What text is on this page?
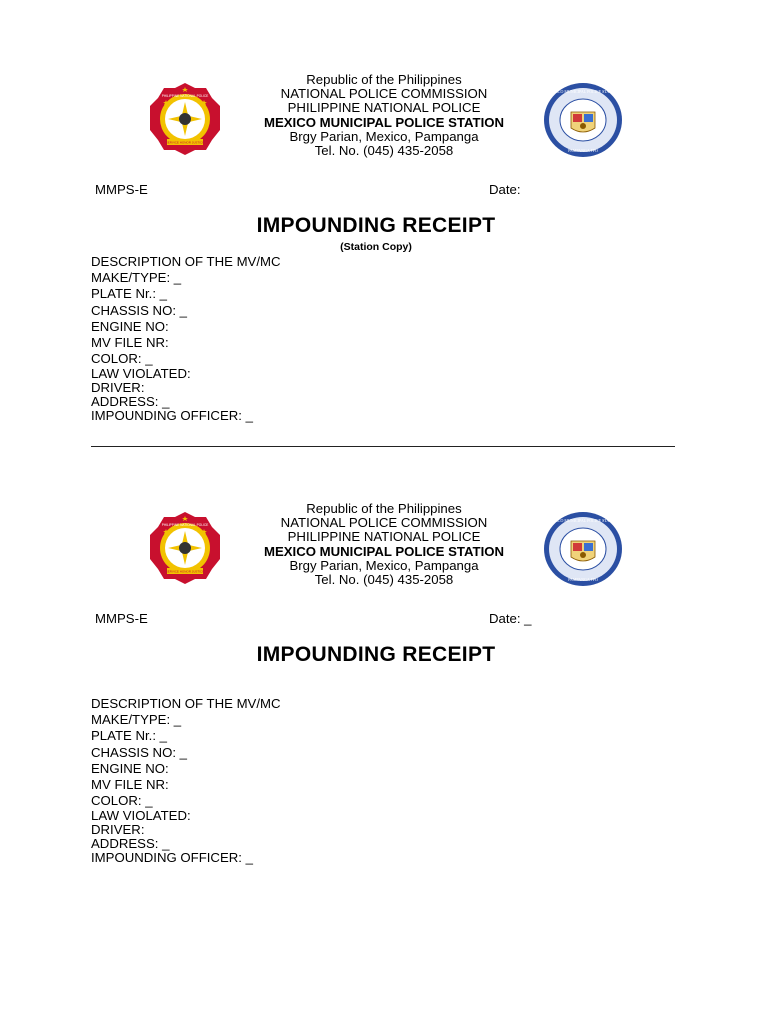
PHILIPPINE NATIONAL POLICE
SERVICE HONOR JUSTICE
Republic of the Philippines
NATIONAL POLICE COMMISSION
PHILIPPINE NATIONAL POLICE
MEXICO MUNICIPAL POLICE STATION
Brgy Parian, Mexico, Pampanga
Tel. No. (045) 435-2058
MEXICO MUNICIPAL POLICE STATION
PAMPANGA PPO
MMPS-E	Date:
IMPOUNDING RECEIPT
(Station Copy)
DESCRIPTION OF THE MV/MC
MAKE/TYPE: _
PLATE Nr.: _
CHASSIS NO: _
ENGINE NO:
MV FILE NR:
COLOR: _
LAW VIOLATED:
DRIVER:
ADDRESS: _
IMPOUNDING OFFICER: _
PHILIPPINE NATIONAL POLICE
SERVICE HONOR JUSTICE
Republic of the Philippines
NATIONAL POLICE COMMISSION
PHILIPPINE NATIONAL POLICE
MEXICO MUNICIPAL POLICE STATION
Brgy Parian, Mexico, Pampanga
Tel. No. (045) 435-2058
MEXICO MUNICIPAL POLICE STATION
PAMPANGA PPO
MMPS-E	Date: _
IMPOUNDING RECEIPT
DESCRIPTION OF THE MV/MC
MAKE/TYPE: _
PLATE Nr.: _
CHASSIS NO: _
ENGINE NO:
MV FILE NR:
COLOR: _
LAW VIOLATED:
DRIVER:
ADDRESS: _
IMPOUNDING OFFICER: _
